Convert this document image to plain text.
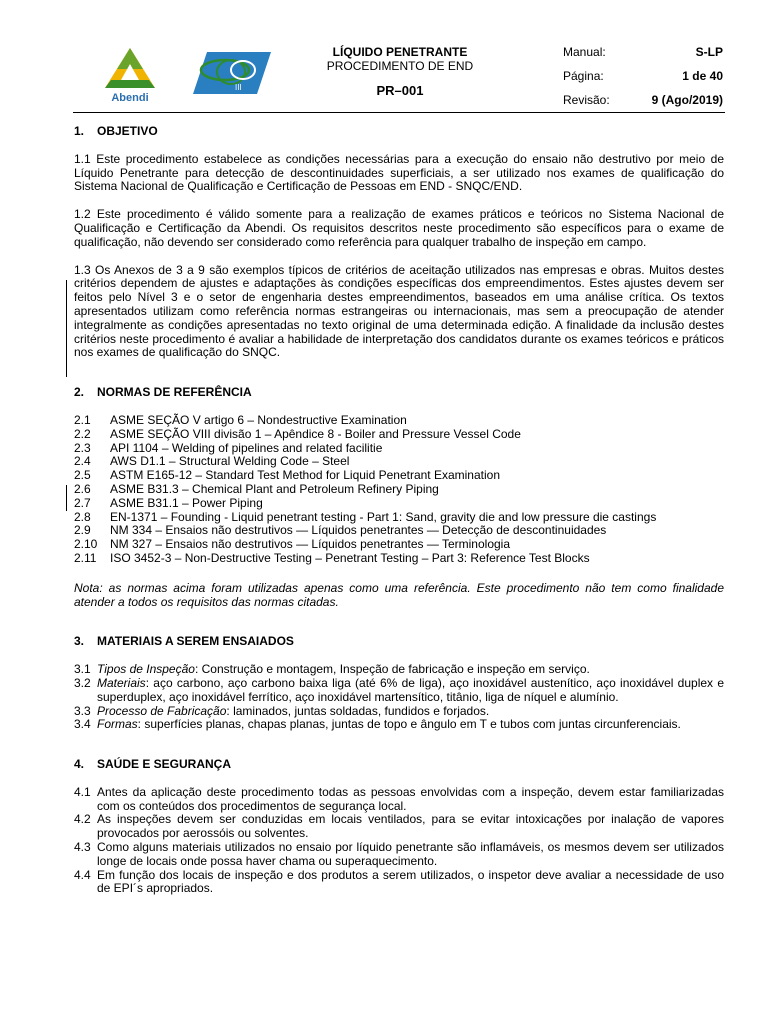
Abendi
III
LÍQUIDO PENETRANTE
PROCEDIMENTO DE END
PR–001
Manual:	S-LP
Página:	1 de 40
Revisão:	9 (Ago/2019)
1. OBJETIVO

1.1 Este procedimento estabelece as condições necessárias para a execução do ensaio não destrutivo por meio de Líquido Penetrante para detecção de descontinuidades superficiais, a ser utilizado nos exames de qualificação do Sistema Nacional de Qualificação e Certificação de Pessoas em END - SNQC/END.

1.2 Este procedimento é válido somente para a realização de exames práticos e teóricos no Sistema Nacional de Qualificação e Certificação da Abendi. Os requisitos descritos neste procedimento são específicos para o exame de qualificação, não devendo ser considerado como referência para qualquer trabalho de inspeção em campo.

1.3 Os Anexos de 3 a 9 são exemplos típicos de critérios de aceitação utilizados nas empresas e obras. Muitos destes critérios dependem de ajustes e adaptações às condições específicas dos empreendimentos. Estes ajustes devem ser feitos pelo Nível 3 e o setor de engenharia destes empreendimentos, baseados em uma análise crítica. Os textos apresentados utilizam como referência normas estrangeiras ou internacionais, mas sem a preocupação de atender integralmente as condições apresentadas no texto original de uma determinada edição. A finalidade da inclusão destes critérios neste procedimento é avaliar a habilidade de interpretação dos candidatos durante os exames teóricos e práticos nos exames de qualificação do SNQC.

2. NORMAS DE REFERÊNCIA
2.1	ASME SEÇÃO V artigo 6 – Nondestructive Examination
2.2	ASME SEÇÃO VIII divisão 1 – Apêndice 8 - Boiler and Pressure Vessel Code
2.3	API 1104 – Welding of pipelines and related facilitie
2.4	AWS D1.1 – Structural Welding Code – Steel
2.5	ASTM E165-12 – Standard Test Method for Liquid Penetrant Examination
2.6	ASME B31.3 – Chemical Plant and Petroleum Refinery Piping
2.7	ASME B31.1 – Power Piping
2.8	EN-1371 – Founding - Liquid penetrant testing - Part 1: Sand, gravity die and low pressure die castings
2.9	NM 334 – Ensaios não destrutivos — Líquidos penetrantes — Detecção de descontinuidades
2.10	NM 327 – Ensaios não destrutivos — Líquidos penetrantes — Terminologia
2.11	ISO 3452-3 – Non-Destructive Testing – Penetrant Testing – Part 3: Reference Test Blocks

Nota: as normas acima foram utilizadas apenas como uma referência. Este procedimento não tem como finalidade atender a todos os requisitos das normas citadas.

3. MATERIAIS A SEREM ENSAIADOS
3.1 Tipos de Inspeção: Construção e montagem, Inspeção de fabricação e inspeção em serviço.
3.2 Materiais: aço carbono, aço carbono baixa liga (até 6% de liga), aço inoxidável austenítico, aço inoxidável duplex e superduplex, aço inoxidável ferrítico, aço inoxidável martensítico, titânio, liga de níquel e alumínio.
3.3 Processo de Fabricação: laminados, juntas soldadas, fundidos e forjados.
3.4 Formas: superfícies planas, chapas planas, juntas de topo e ângulo em T e tubos com juntas circunferenciais.
4. SAÚDE E SEGURANÇA
4.1 Antes da aplicação deste procedimento todas as pessoas envolvidas com a inspeção, devem estar familiarizadas com os conteúdos dos procedimentos de segurança local.
4.2 As inspeções devem ser conduzidas em locais ventilados, para se evitar intoxicações por inalação de vapores provocados por aerossóis ou solventes.
4.3 Como alguns materiais utilizados no ensaio por líquido penetrante são inflamáveis, os mesmos devem ser utilizados longe de locais onde possa haver chama ou superaquecimento.
4.4 Em função dos locais de inspeção e dos produtos a serem utilizados, o inspetor deve avaliar a necessidade de uso de EPI´s apropriados.
